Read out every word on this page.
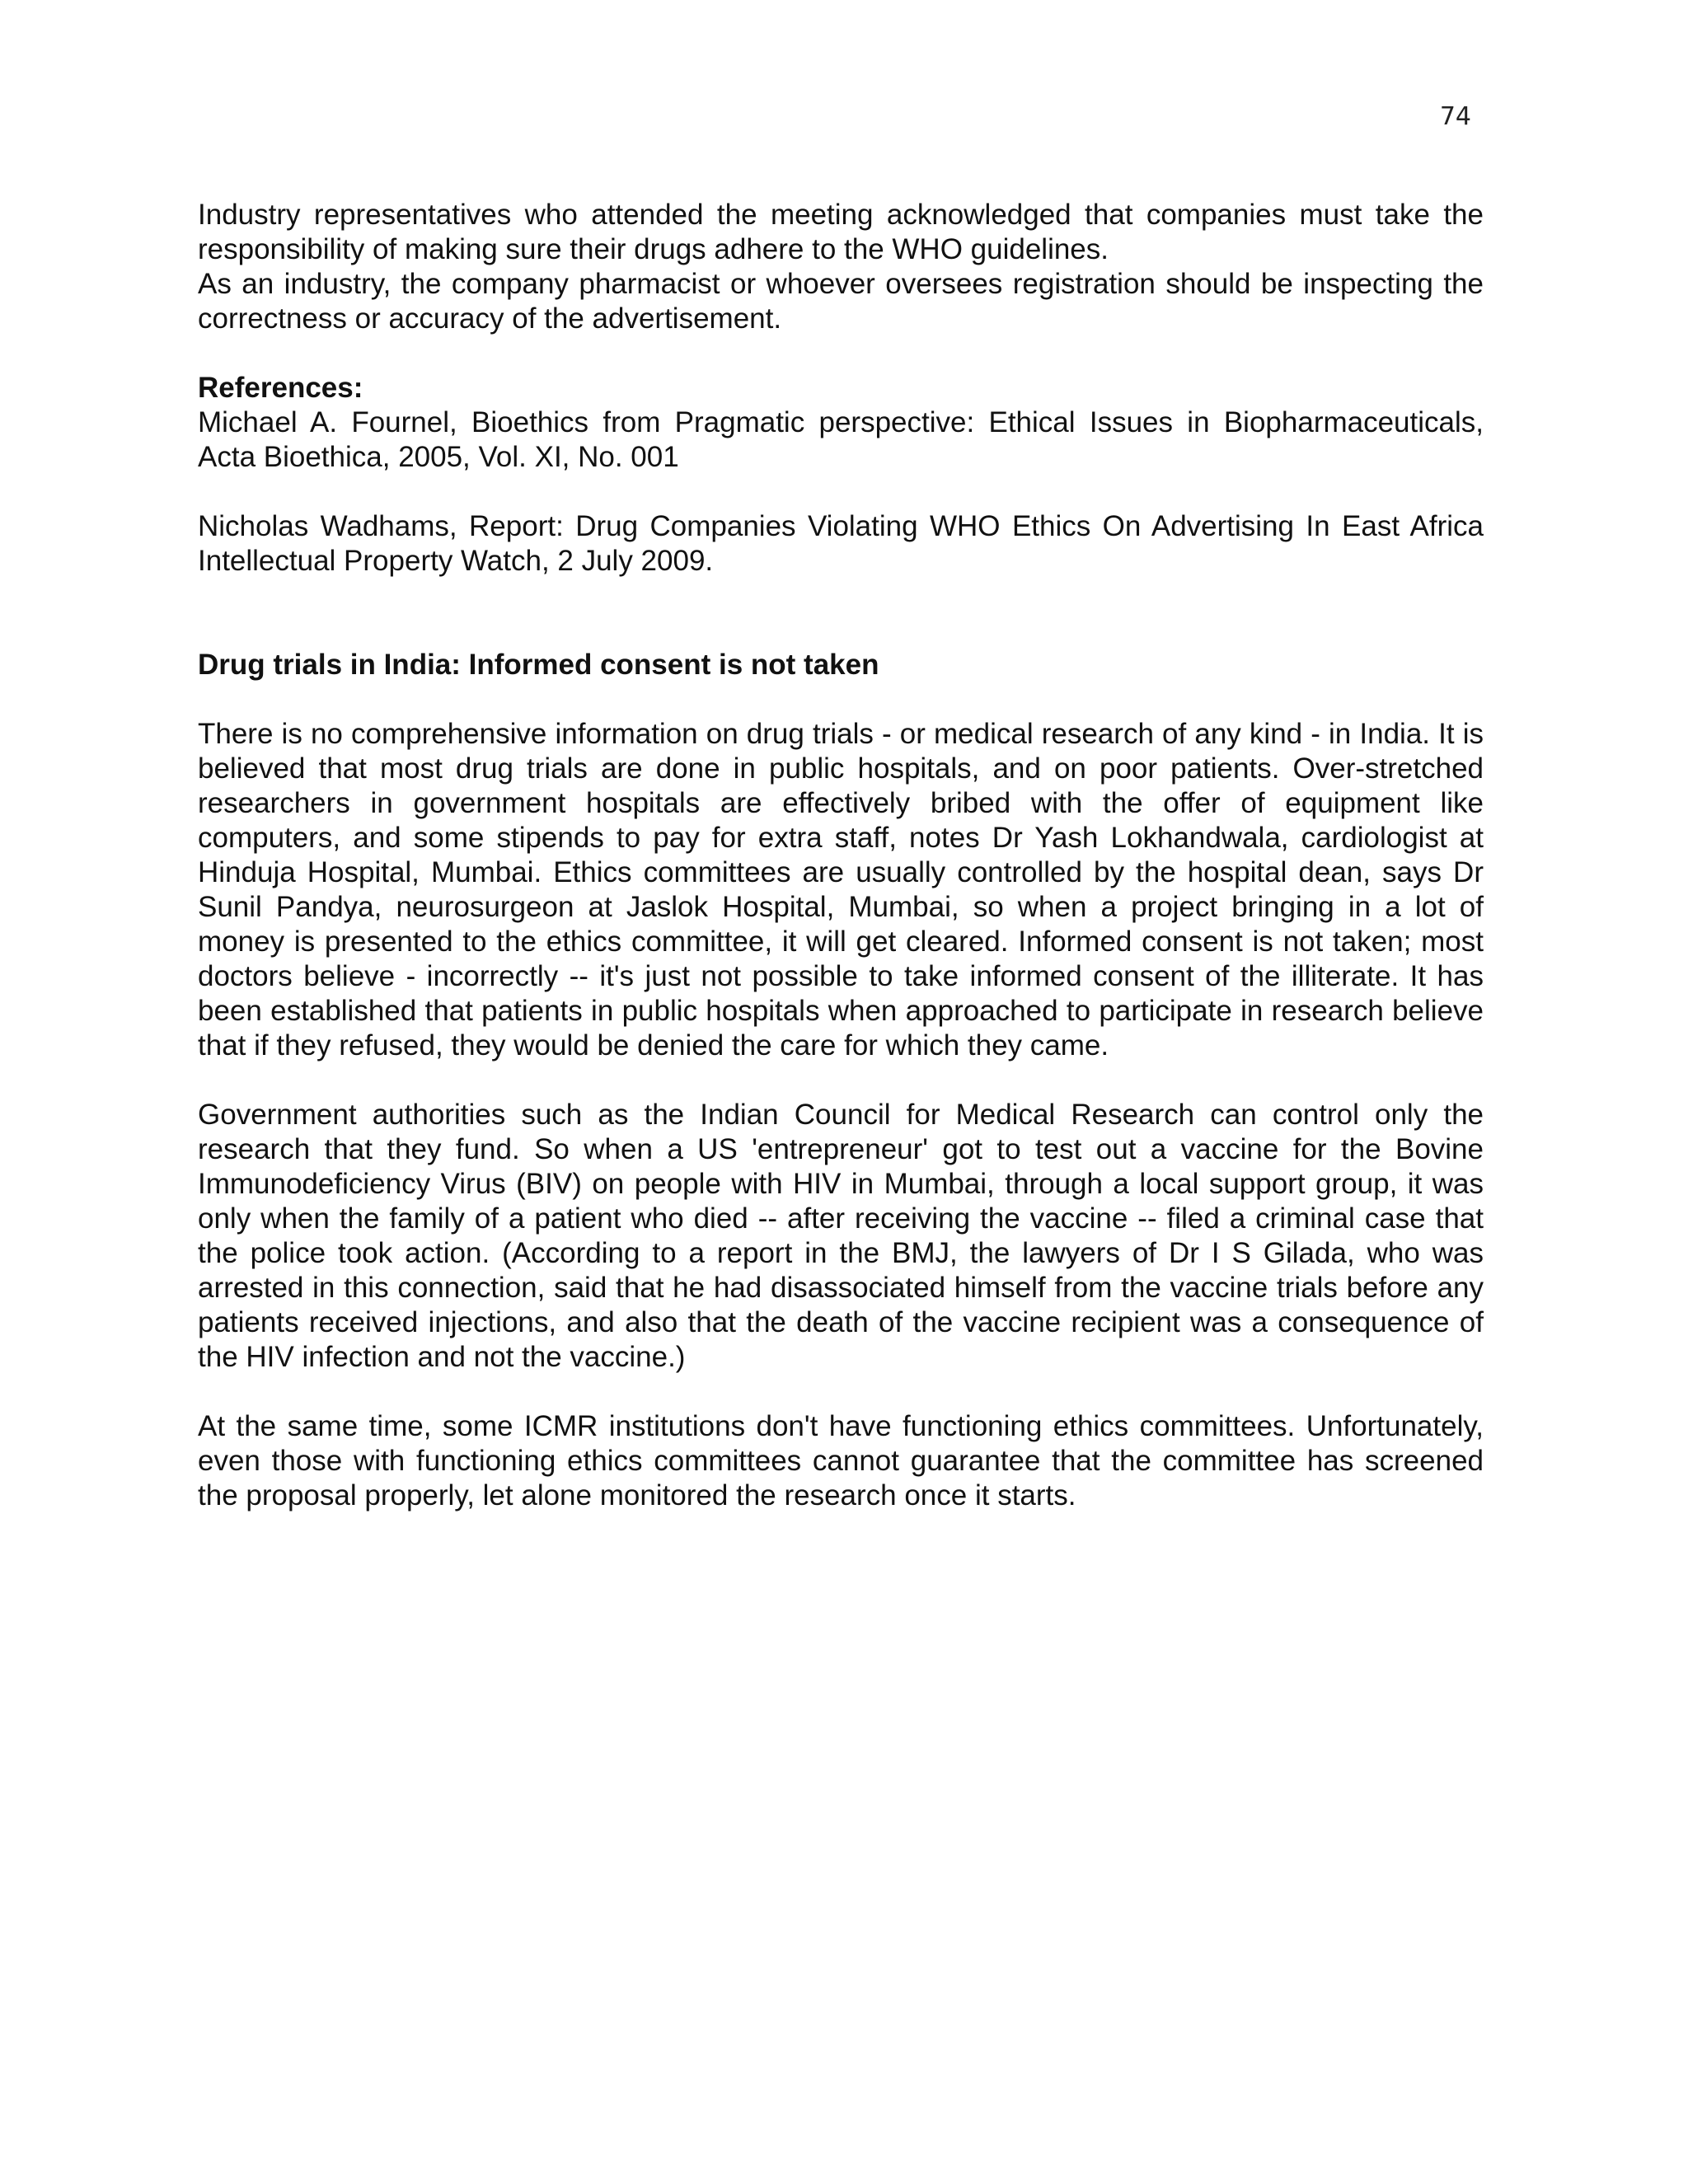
74

Industry representatives who attended the meeting acknowledged that companies must take the responsibility of making sure their drugs adhere to the WHO guidelines.

As an industry, the company pharmacist or whoever oversees registration should be inspecting the correctness or accuracy of the advertisement.

References:

Michael A. Fournel, Bioethics from Pragmatic perspective: Ethical Issues in Biopharmaceuticals, Acta Bioethica, 2005, Vol. XI, No. 001

Nicholas Wadhams, Report: Drug Companies Violating WHO Ethics On Advertising In East Africa Intellectual Property Watch, 2 July 2009.

Drug trials in India: Informed consent is not taken

There is no comprehensive information on drug trials - or medical research of any kind - in India. It is believed that most drug trials are done in public hospitals, and on poor patients. Over-stretched researchers in government hospitals are effectively bribed with the offer of equipment like computers, and some stipends to pay for extra staff, notes Dr Yash Lokhandwala, cardiologist at Hinduja Hospital, Mumbai. Ethics committees are usually controlled by the hospital dean, says Dr Sunil Pandya, neurosurgeon at Jaslok Hospital, Mumbai, so when a project bringing in a lot of money is presented to the ethics committee, it will get cleared. Informed consent is not taken; most doctors believe - incorrectly -- it's just not possible to take informed consent of the illiterate. It has been established that patients in public hospitals when approached to participate in research believe that if they refused, they would be denied the care for which they came.

Government authorities such as the Indian Council for Medical Research can control only the research that they fund. So when a US 'entrepreneur' got to test out a vaccine for the Bovine Immunodeficiency Virus (BIV) on people with HIV in Mumbai, through a local support group, it was only when the family of a patient who died -- after receiving the vaccine -- filed a criminal case that the police took action. (According to a report in the BMJ, the lawyers of Dr I S Gilada, who was arrested in this connection, said that he had disassociated himself from the vaccine trials before any patients received injections, and also that the death of the vaccine recipient was a consequence of the HIV infection and not the vaccine.)

At the same time, some ICMR institutions don't have functioning ethics committees. Unfortunately, even those with functioning ethics committees cannot guarantee that the committee has screened the proposal properly, let alone monitored the research once it starts.
